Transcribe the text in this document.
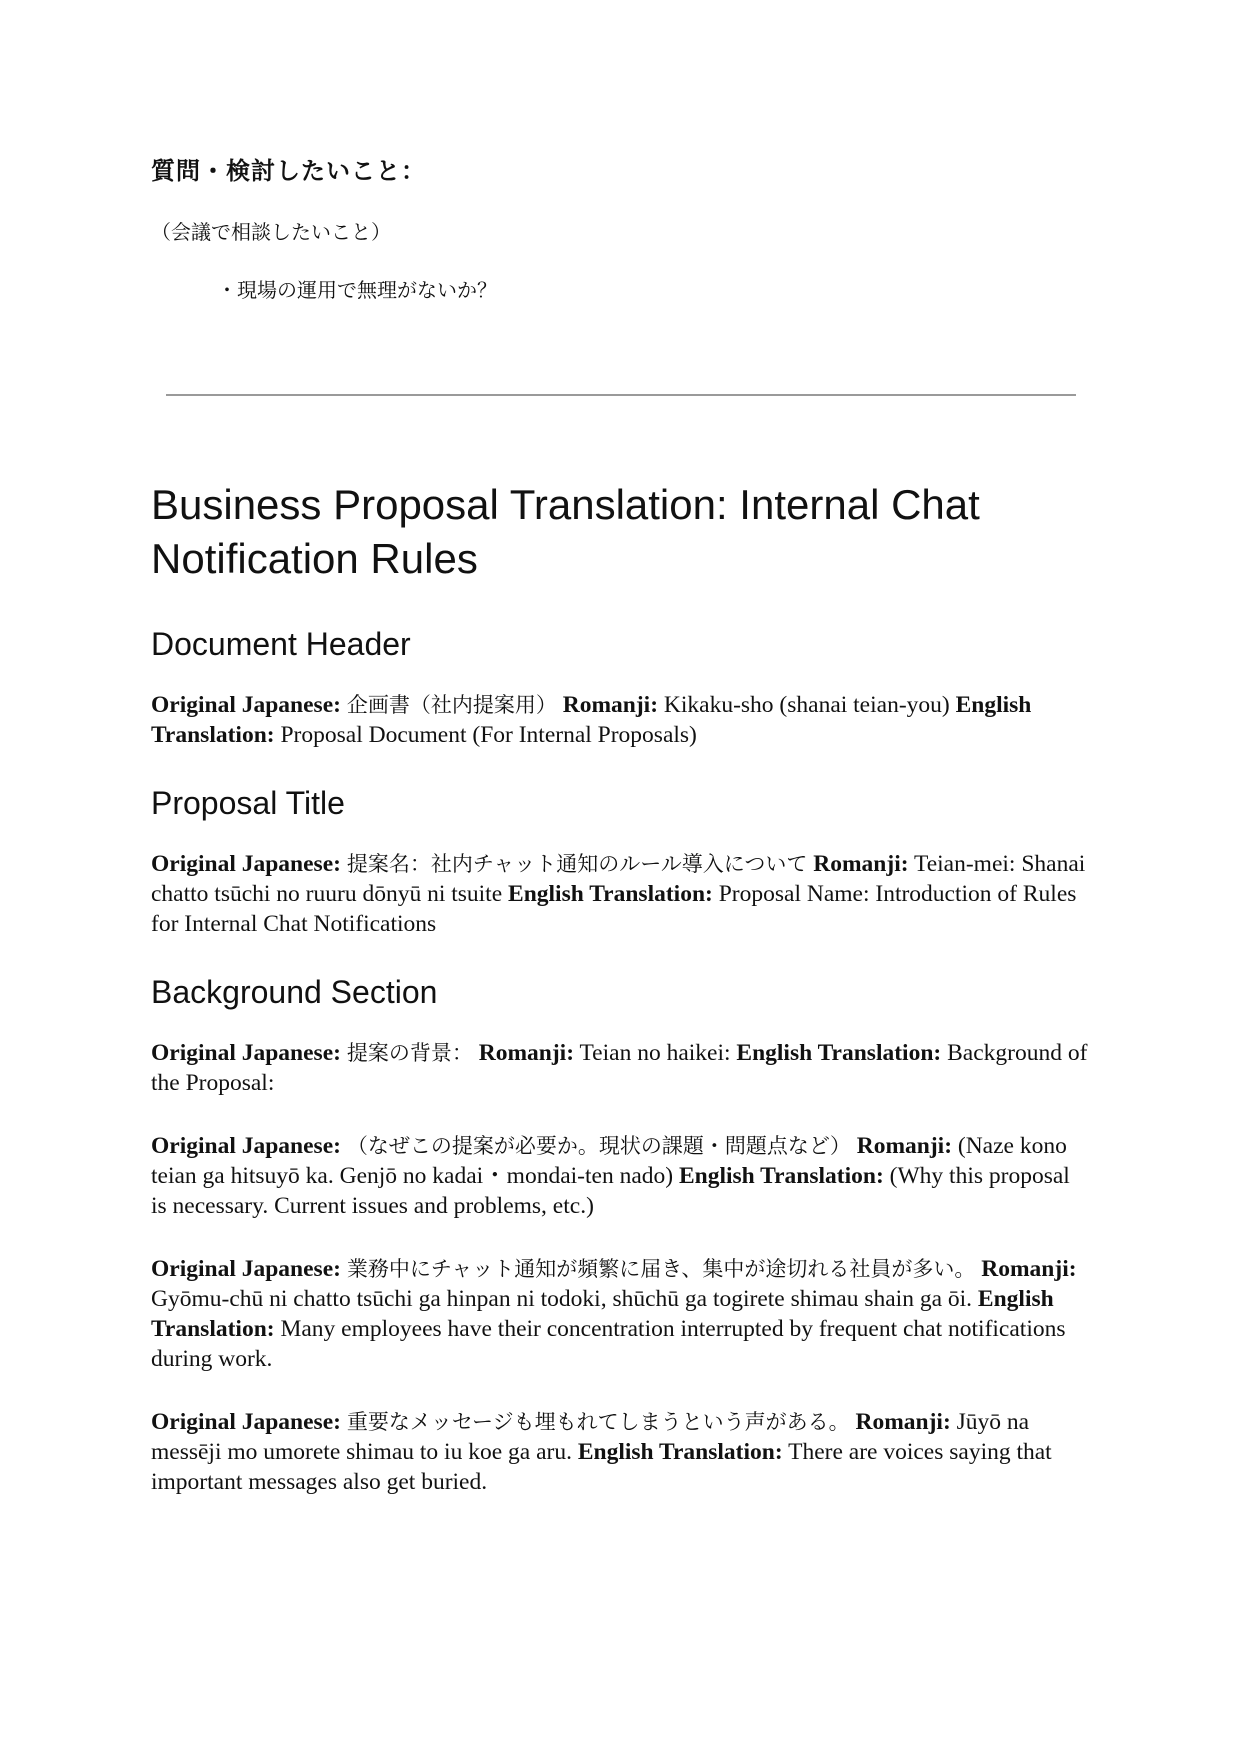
質問・検討したいこと：
（会議で相談したいこと）
・現場の運用で無理がないか？
Business Proposal Translation: Internal Chat Notification Rules
Document Header

Original Japanese: 企画書（社内提案用） Romanji: Kikaku-sho (shanai teian-you) English Translation: Proposal Document (For Internal Proposals)

Proposal Title

Original Japanese: 提案名：社内チャット通知のルール導入について Romanji: Teian-mei: Shanai chatto tsūchi no ruuru dōnyū ni tsuite English Translation: Proposal Name: Introduction of Rules for Internal Chat Notifications

Background Section

Original Japanese: 提案の背景： Romanji: Teian no haikei: English Translation: Background of the Proposal:

Original Japanese: （なぜこの提案が必要か。現状の課題・問題点など） Romanji: (Naze kono teian ga hitsuyō ka. Genjō no kadai・mondai-ten nado) English Translation: (Why this proposal is necessary. Current issues and problems, etc.)

Original Japanese: 業務中にチャット通知が頻繁に届き、集中が途切れる社員が多い。 Romanji: Gyōmu-chū ni chatto tsūchi ga hinpan ni todoki, shūchū ga togirete shimau shain ga ōi. English Translation: Many employees have their concentration interrupted by frequent chat notifications during work.

Original Japanese: 重要なメッセージも埋もれてしまうという声がある。 Romanji: Jūyō na messēji mo umorete shimau to iu koe ga aru. English Translation: There are voices saying that important messages also get buried.
